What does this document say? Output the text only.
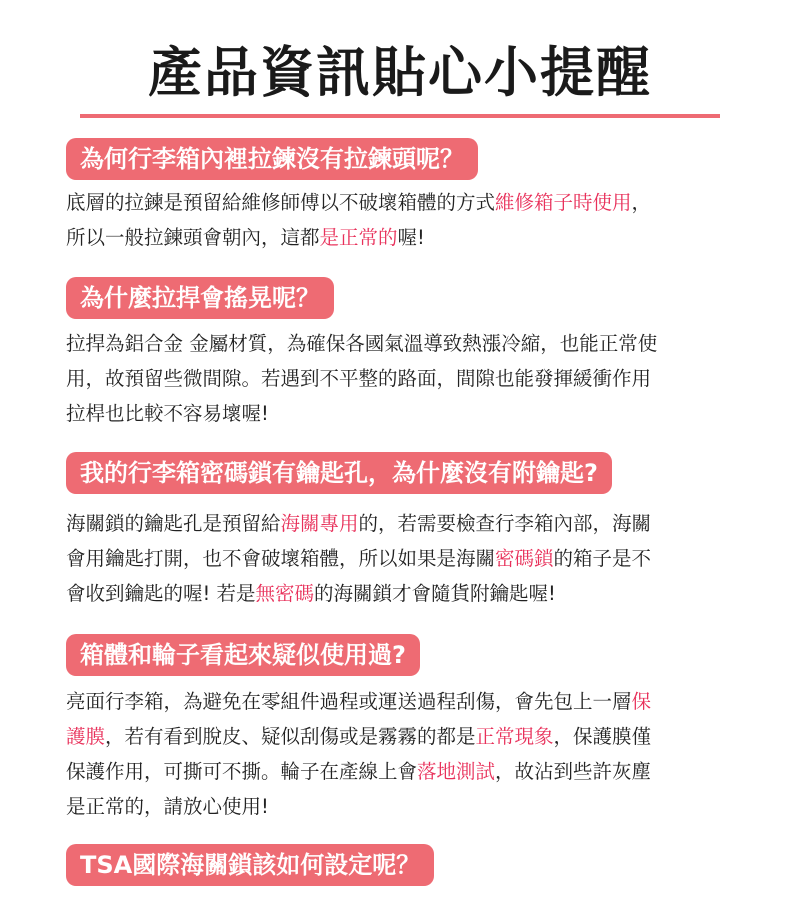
產品資訊貼心小提醒
為何行李箱內裡拉鍊沒有拉鍊頭呢？
底層的拉鍊是預留給維修師傅以不破壞箱體的方式維修箱子時使用，
所以一般拉鍊頭會朝內，這都是正常的喔!
為什麼拉捍會搖晃呢？
拉捍為鋁合金 金屬材質，為確保各國氣溫導致熱漲冷縮，也能正常使
用，故預留些微間隙。若遇到不平整的路面，間隙也能發揮緩衝作用
拉桿也比較不容易壞喔!
我的行李箱密碼鎖有鑰匙孔，為什麼沒有附鑰匙?
海關鎖的鑰匙孔是預留給海關專用的，若需要檢查行李箱內部，海關
會用鑰匙打開，也不會破壞箱體，所以如果是海關密碼鎖的箱子是不
會收到鑰匙的喔! 若是無密碼的海關鎖才會隨貨附鑰匙喔!
箱體和輪子看起來疑似使用過?
亮面行李箱，為避免在零組件過程或運送過程刮傷，會先包上一層保
護膜，若有看到脫皮、疑似刮傷或是霧霧的都是正常現象，保護膜僅
保護作用，可撕可不撕。輪子在產線上會落地測試，故沾到些許灰塵
是正常的，請放心使用!
TSA國際海關鎖該如何設定呢？
